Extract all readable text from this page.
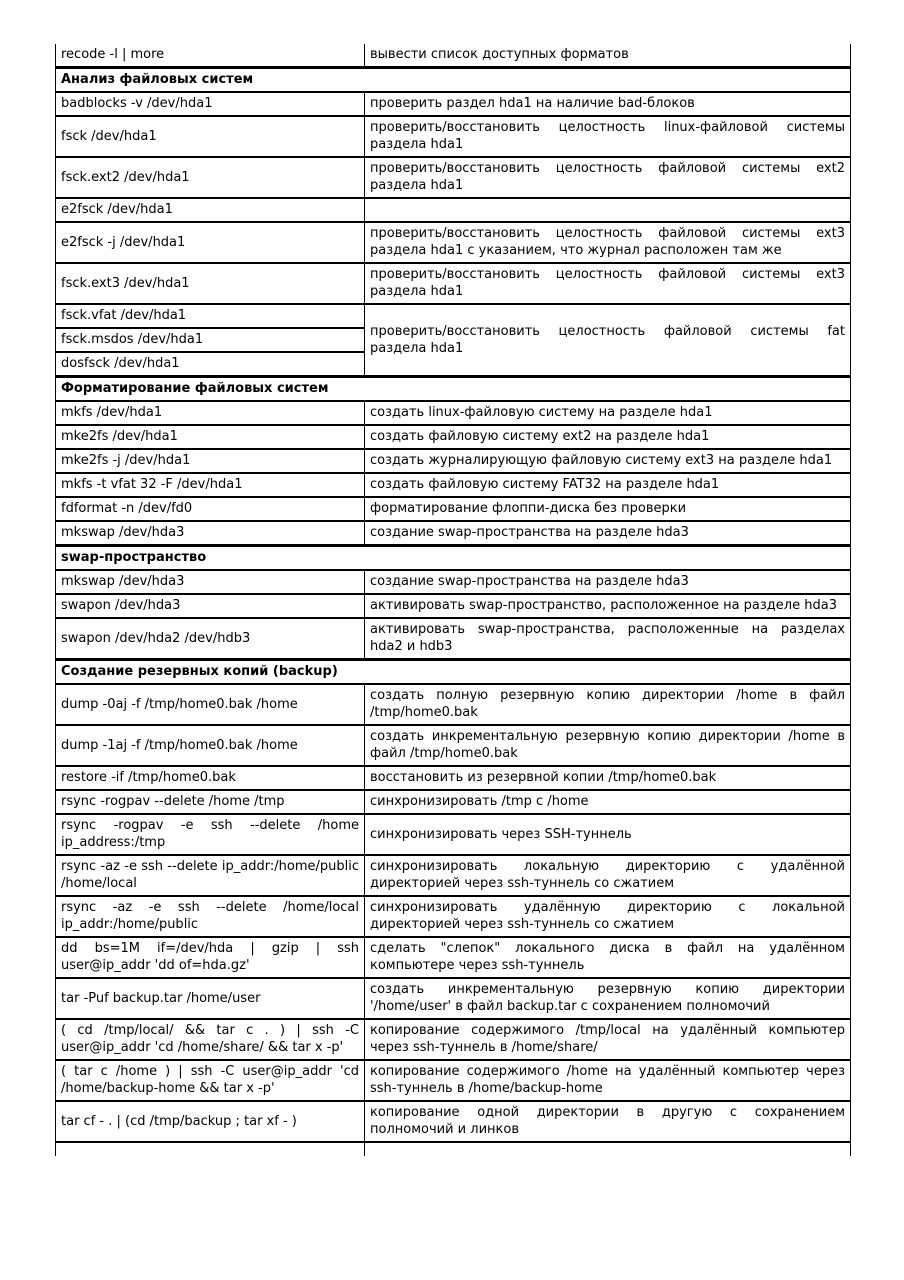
recode -l | more	вывести список доступных форматов
Анализ файловых систем	
badblocks -v /dev/hda1	проверить раздел hda1 на наличие bad-блоков
fsck /dev/hda1	проверить/восстановить целостность linux-файловой системы раздела hda1
fsck.ext2 /dev/hda1	проверить/восстановить целостность файловой системы ext2 раздела hda1
e2fsck /dev/hda1	
e2fsck -j /dev/hda1	проверить/восстановить целостность файловой системы ext3 раздела hda1 с указанием, что журнал расположен там же
fsck.ext3 /dev/hda1	проверить/восстановить целостность файловой системы ext3 раздела hda1
fsck.vfat /dev/hda1	проверить/восстановить целостность файловой системы fat раздела hda1
fsck.msdos /dev/hda1	
dosfsck /dev/hda1	
Форматирование файловых систем	
mkfs /dev/hda1	создать linux-файловую систему на разделе hda1
mke2fs /dev/hda1	создать файловую систему ext2 на разделе hda1
mke2fs -j /dev/hda1	создать журналирующую файловую систему ext3 на разделе hda1
mkfs -t vfat 32 -F /dev/hda1	создать файловую систему FAT32 на разделе hda1
fdformat -n /dev/fd0	форматирование флоппи-диска без проверки
mkswap /dev/hda3	создание swap-пространства на разделе hda3
swap-пространство	
mkswap /dev/hda3	создание swap-пространства на разделе hda3
swapon /dev/hda3	активировать swap-пространство, расположенное на разделе hda3
swapon /dev/hda2 /dev/hdb3	активировать swap-пространства, расположенные на разделах hda2 и hdb3
Создание резервных копий (backup)	
dump -0aj -f /tmp/home0.bak /home	создать полную резервную копию директории /home в файл /tmp/home0.bak
dump -1aj -f /tmp/home0.bak /home	создать инкрементальную резервную копию директории /home в файл /tmp/home0.bak
restore -if /tmp/home0.bak	восстановить из резервной копии /tmp/home0.bak
rsync -rogpav --delete /home /tmp	синхронизировать /tmp с /home
rsync -rogpav -e ssh --delete /home ip_address:/tmp	синхронизировать через SSH-туннель
rsync -az -e ssh --delete ip_addr:/home/public /home/local	синхронизировать локальную директорию с удалённой директорией через ssh-туннель со сжатием
rsync -az -e ssh --delete /home/local ip_addr:/home/public	синхронизировать удалённую директорию с локальной директорией через ssh-туннель со сжатием
dd bs=1M if=/dev/hda | gzip | ssh user@ip_addr 'dd of=hda.gz'	сделать "слепок" локального диска в файл на удалённом компьютере через ssh-туннель
tar -Puf backup.tar /home/user	создать инкрементальную резервную копию директории '/home/user' в файл backup.tar с сохранением полномочий
( cd /tmp/local/ && tar c . ) | ssh -C user@ip_addr 'cd /home/share/ && tar x -p'	копирование содержимого /tmp/local на удалённый компьютер через ssh-туннель в /home/share/
( tar c /home ) | ssh -C user@ip_addr 'cd /home/backup-home && tar x -p'	копирование содержимого /home на удалённый компьютер через ssh-туннель в /home/backup-home
tar cf - . | (cd /tmp/backup ; tar xf - )	копирование одной директории в другую с сохранением полномочий и линков
